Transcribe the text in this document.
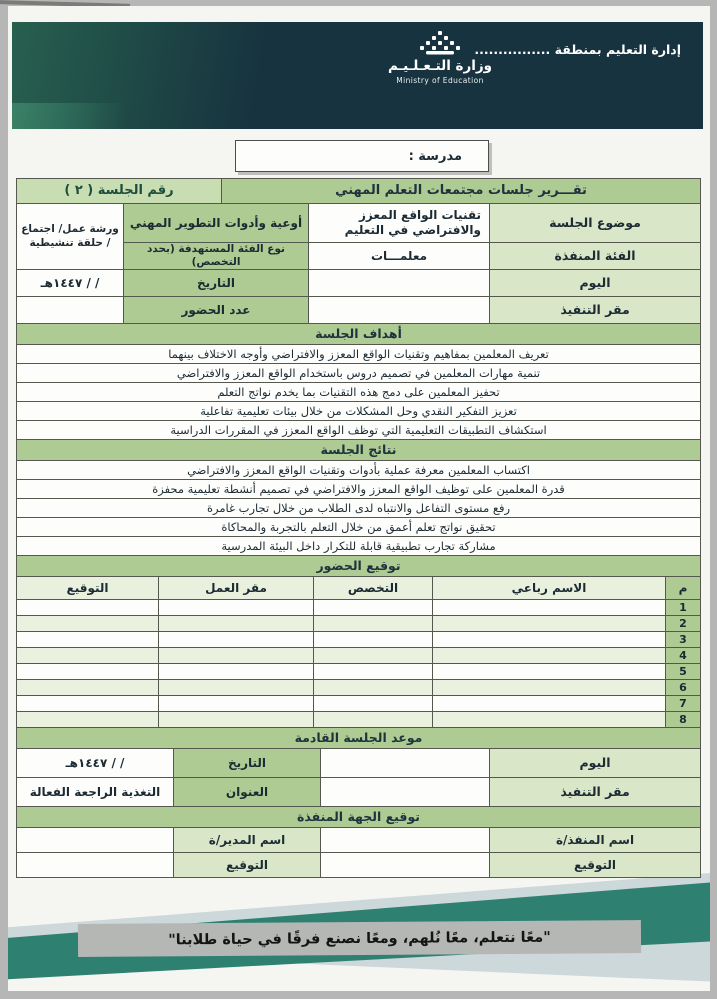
إدارة التعليم بمنطقة ................
وزارة التـعـلـيـم
Ministry of Education
مدرسة :
تقـــرير جلسات مجتمعات التعلم المهني
رقم الجلسة ( ٢ )
موضوع الجلسة
تقنيات الواقع المعزز والافتراضي في التعليم
أوعية وأدوات التطوير المهني
ورشة عمل/ اجتماع / حلقة تنشيطية
الفئة المنفذة
معلمـــات
نوع الفئة المستهدفة (بحدد التخصص)
اليوم
التاريخ
/ / ١٤٤٧هـ
مقر التنفيذ
عدد الحضور
أهداف الجلسة
تعريف المعلمين بمفاهيم وتقنيات الواقع المعزز والافتراضي وأوجه الاختلاف بينهما
تنمية مهارات المعلمين في تصميم دروس باستخدام الواقع المعزز والافتراضي
تحفيز المعلمين على دمج هذه التقنيات بما يخدم نواتج التعلم
تعزيز التفكير النقدي وحل المشكلات من خلال بيئات تعليمية تفاعلية
استكشاف التطبيقات التعليمية التي توظف الواقع المعزز في المقررات الدراسية
نتائج الجلسة
اكتساب المعلمين معرفة عملية بأدوات وتقنيات الواقع المعزز والافتراضي
قدرة المعلمين على توظيف الواقع المعزز والافتراضي في تصميم أنشطة تعليمية محفزة
رفع مستوى التفاعل والانتباه لدى الطلاب من خلال تجارب غامرة
تحقيق نواتج تعلم أعمق من خلال التعلم بالتجربة والمحاكاة
مشاركة تجارب تطبيقية قابلة للتكرار داخل البيئة المدرسية
توقيع الحضور
م
الاسم رباعي
التخصص
مقر العمل
التوقيع
1
2
3
4
5
6
7
8
موعد الجلسة القادمة
اليوم
التاريخ
/ / ١٤٤٧هـ
مقر التنفيذ
العنوان
التغذية الراجعة الفعالة
توقيع الجهة المنفذة
اسم المنفذ/ة
اسم المدير/ة
التوقيع
التوقيع
"معًا نتعلم، معًا نُلهم، ومعًا نصنع فرقًا في حياة طلابنا"
